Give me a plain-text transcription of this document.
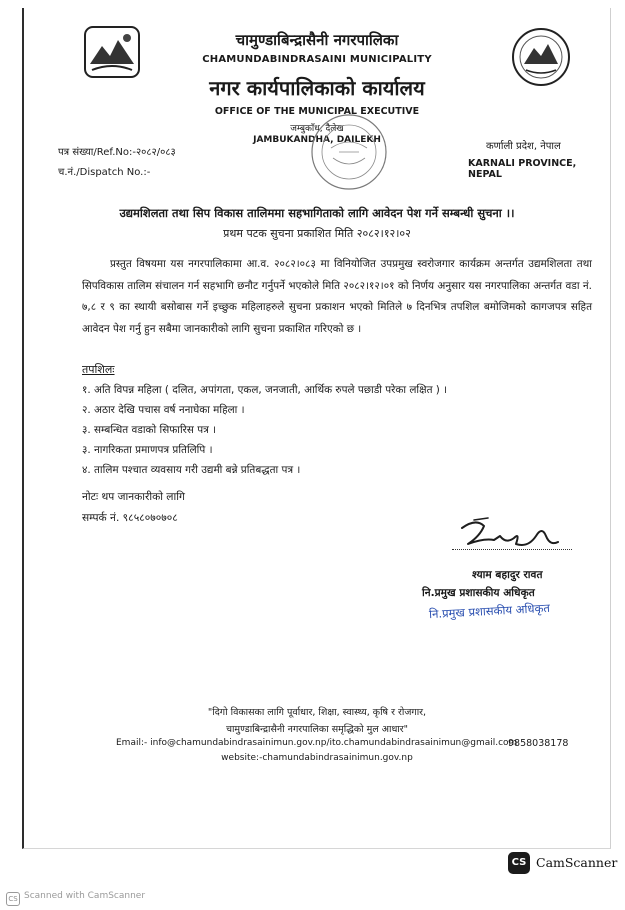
चामुण्डाबिन्द्रासैनी नगरपालिका
CHAMUNDABINDRASAINI MUNICIPALITY
नगर कार्यपालिकाको कार्यालय
OFFICE OF THE MUNICIPAL EXECUTIVE
जम्बुकाँध, दैलेख
JAMBUKANDHA, DAILEKH
पत्र संख्या/Ref.No:-२०८२/०८३
च.नं./Dispatch No.:-
कर्णाली प्रदेश, नेपाल
KARNALI PROVINCE, NEPAL
उद्यमशिलता तथा सिप विकास तालिममा सहभागिताको लागि आवेदन पेश गर्ने सम्बन्धी सुचना ।।
प्रथम पटक सुचना प्रकाशित मिति २०८२।१२।०२
प्रस्तुत विषयमा यस नगरपालिकामा आ.व. २०८२।०८३ मा विनियोजित उपप्रमुख स्वरोजगार कार्यक्रम अन्तर्गत उद्यमशिलता तथा सिपविकास तालिम संचालन गर्न सहभागि छनौट गर्नुपर्ने भएकोले मिति २०८२।१२।०१ को निर्णय अनुसार यस नगरपालिका अन्तर्गत वडा नं. ७,८ र ९ का स्थायी बसोबास गर्ने इच्छुक महिलाहरुले सुचना प्रकाशन भएको मितिले ७ दिनभित्र तपशिल बमोजिमको कागजपत्र सहित आवेदन पेश गर्नु हुन सबैमा जानकारीको लागि सुचना प्रकाशित गरिएको छ ।
तपशिलः
१. अति विपन्न महिला ( दलित, अपांगता, एकल, जनजाती, आर्थिक रुपले पछाडी परेका लक्षित ) ।
२. अठार देखि पचास वर्ष ननाघेका महिला ।
३. सम्बन्धित वडाको सिफारिस पत्र ।
३. नागरिकता प्रमाणपत्र प्रतिलिपि ।
४. तालिम पश्चात व्यवसाय गरी उद्यमी बन्ने प्रतिबद्धता पत्र ।
नोटः थप जानकारीको लागि
सम्पर्क नं. ९८५८०७०७०८
श्याम बहादुर रावत
नि.प्रमुख प्रशासकीय अधिकृत
नि.प्रमुख प्रशासकीय अधिकृत
"दिगो विकासका लागि पूर्वाधार, शिक्षा, स्वास्थ्य, कृषि र रोजगार,
चामुण्डाबिन्द्रासैनी नगरपालिका समृद्धिको मुल आधार"
Email:- info@chamundabindrasainimun.gov.np/ito.chamundabindrasainimun@gmail.com
9858038178
website:-chamundabindrasainimun.gov.np
CS CamScanner
CS Scanned with CamScanner
